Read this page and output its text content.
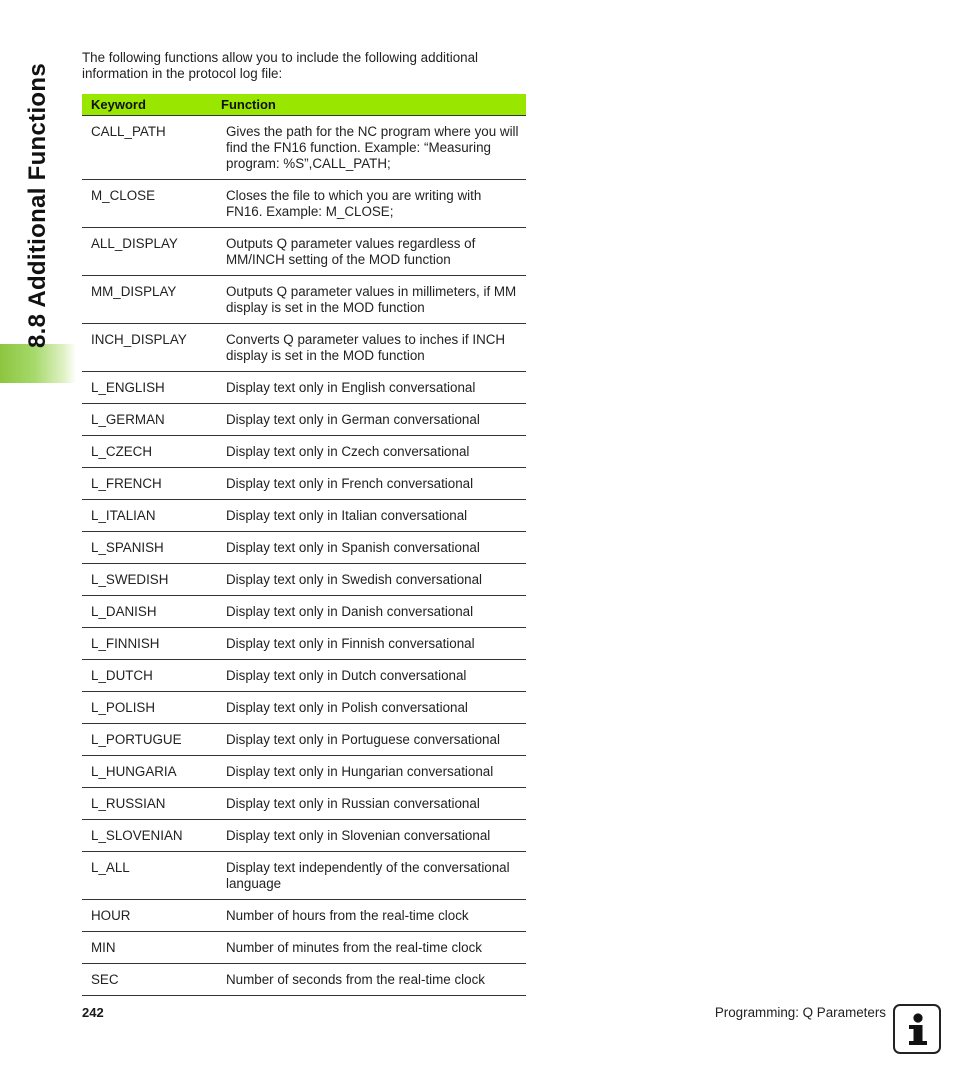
8.8 Additional Functions

The following functions allow you to include the following additional information in the protocol log file:

Keyword	Function
CALL_PATH	Gives the path for the NC program where you will find the FN16 function. Example: “Measuring program: %S”,CALL_PATH;
M_CLOSE	Closes the file to which you are writing with FN16. Example: M_CLOSE;
ALL_DISPLAY	Outputs Q parameter values regardless of MM/INCH setting of the MOD function
MM_DISPLAY	Outputs Q parameter values in millimeters, if MM display is set in the MOD function
INCH_DISPLAY	Converts Q parameter values to inches if INCH display is set in the MOD function
L_ENGLISH	Display text only in English conversational
L_GERMAN	Display text only in German conversational
L_CZECH	Display text only in Czech conversational
L_FRENCH	Display text only in French conversational
L_ITALIAN	Display text only in Italian conversational
L_SPANISH	Display text only in Spanish conversational
L_SWEDISH	Display text only in Swedish conversational
L_DANISH	Display text only in Danish conversational
L_FINNISH	Display text only in Finnish conversational
L_DUTCH	Display text only in Dutch conversational
L_POLISH	Display text only in Polish conversational
L_PORTUGUE	Display text only in Portuguese conversational
L_HUNGARIA	Display text only in Hungarian conversational
L_RUSSIAN	Display text only in Russian conversational
L_SLOVENIAN	Display text only in Slovenian conversational
L_ALL	Display text independently of the conversational language
HOUR	Number of hours from the real-time clock
MIN	Number of minutes from the real-time clock
SEC	Number of seconds from the real-time clock
242	Programming: Q Parameters
